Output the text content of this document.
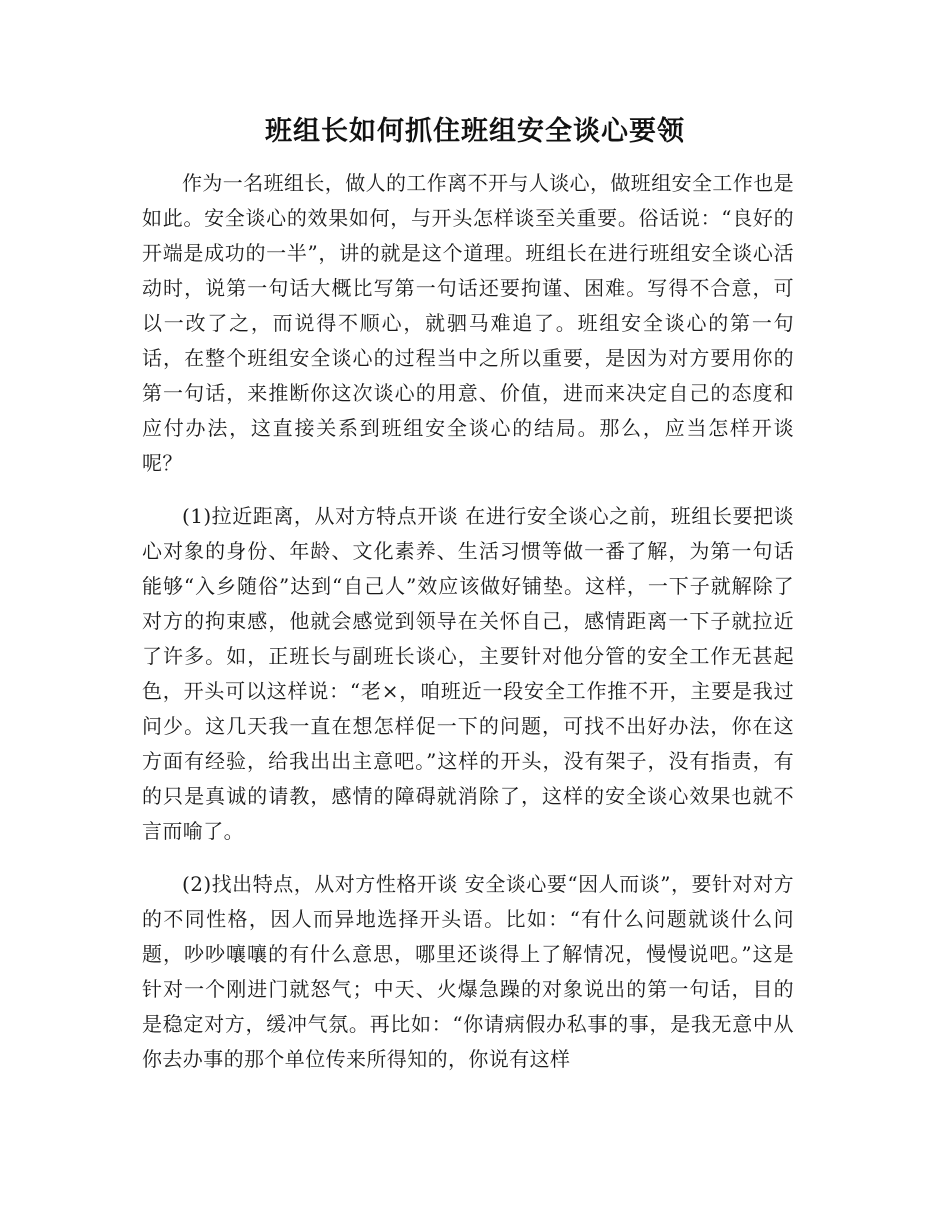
班组长如何抓住班组安全谈心要领

作为一名班组长，做人的工作离不开与人谈心，做班组安全工作也是如此。安全谈心的效果如何，与开头怎样谈至关重要。俗话说：“良好的开端是成功的一半”，讲的就是这个道理。班组长在进行班组安全谈心活动时，说第一句话大概比写第一句话还要拘谨、困难。写得不合意，可以一改了之，而说得不顺心，就驷马难追了。班组安全谈心的第一句话，在整个班组安全谈心的过程当中之所以重要，是因为对方要用你的第一句话，来推断你这次谈心的用意、价值，进而来决定自己的态度和应付办法，这直接关系到班组安全谈心的结局。那么，应当怎样开谈呢？

(1)拉近距离，从对方特点开谈 在进行安全谈心之前，班组长要把谈心对象的身份、年龄、文化素养、生活习惯等做一番了解，为第一句话能够“入乡随俗”达到“自己人”效应该做好铺垫。这样，一下子就解除了对方的拘束感，他就会感觉到领导在关怀自己，感情距离一下子就拉近了许多。如，正班长与副班长谈心，主要针对他分管的安全工作无甚起色，开头可以这样说：“老×，咱班近一段安全工作推不开，主要是我过问少。这几天我一直在想怎样促一下的问题，可找不出好办法，你在这方面有经验，给我出出主意吧。”这样的开头，没有架子，没有指责，有的只是真诚的请教，感情的障碍就消除了，这样的安全谈心效果也就不言而喻了。

(2)找出特点，从对方性格开谈 安全谈心要“因人而谈”，要针对对方的不同性格，因人而异地选择开头语。比如：“有什么问题就谈什么问题，吵吵嚷嚷的有什么意思，哪里还谈得上了解情况，慢慢说吧。”这是针对一个刚进门就怒气；中天、火爆急躁的对象说出的第一句话，目的是稳定对方，缓冲气氛。再比如：“你请病假办私事的事，是我无意中从你去办事的那个单位传来所得知的，你说有这样
